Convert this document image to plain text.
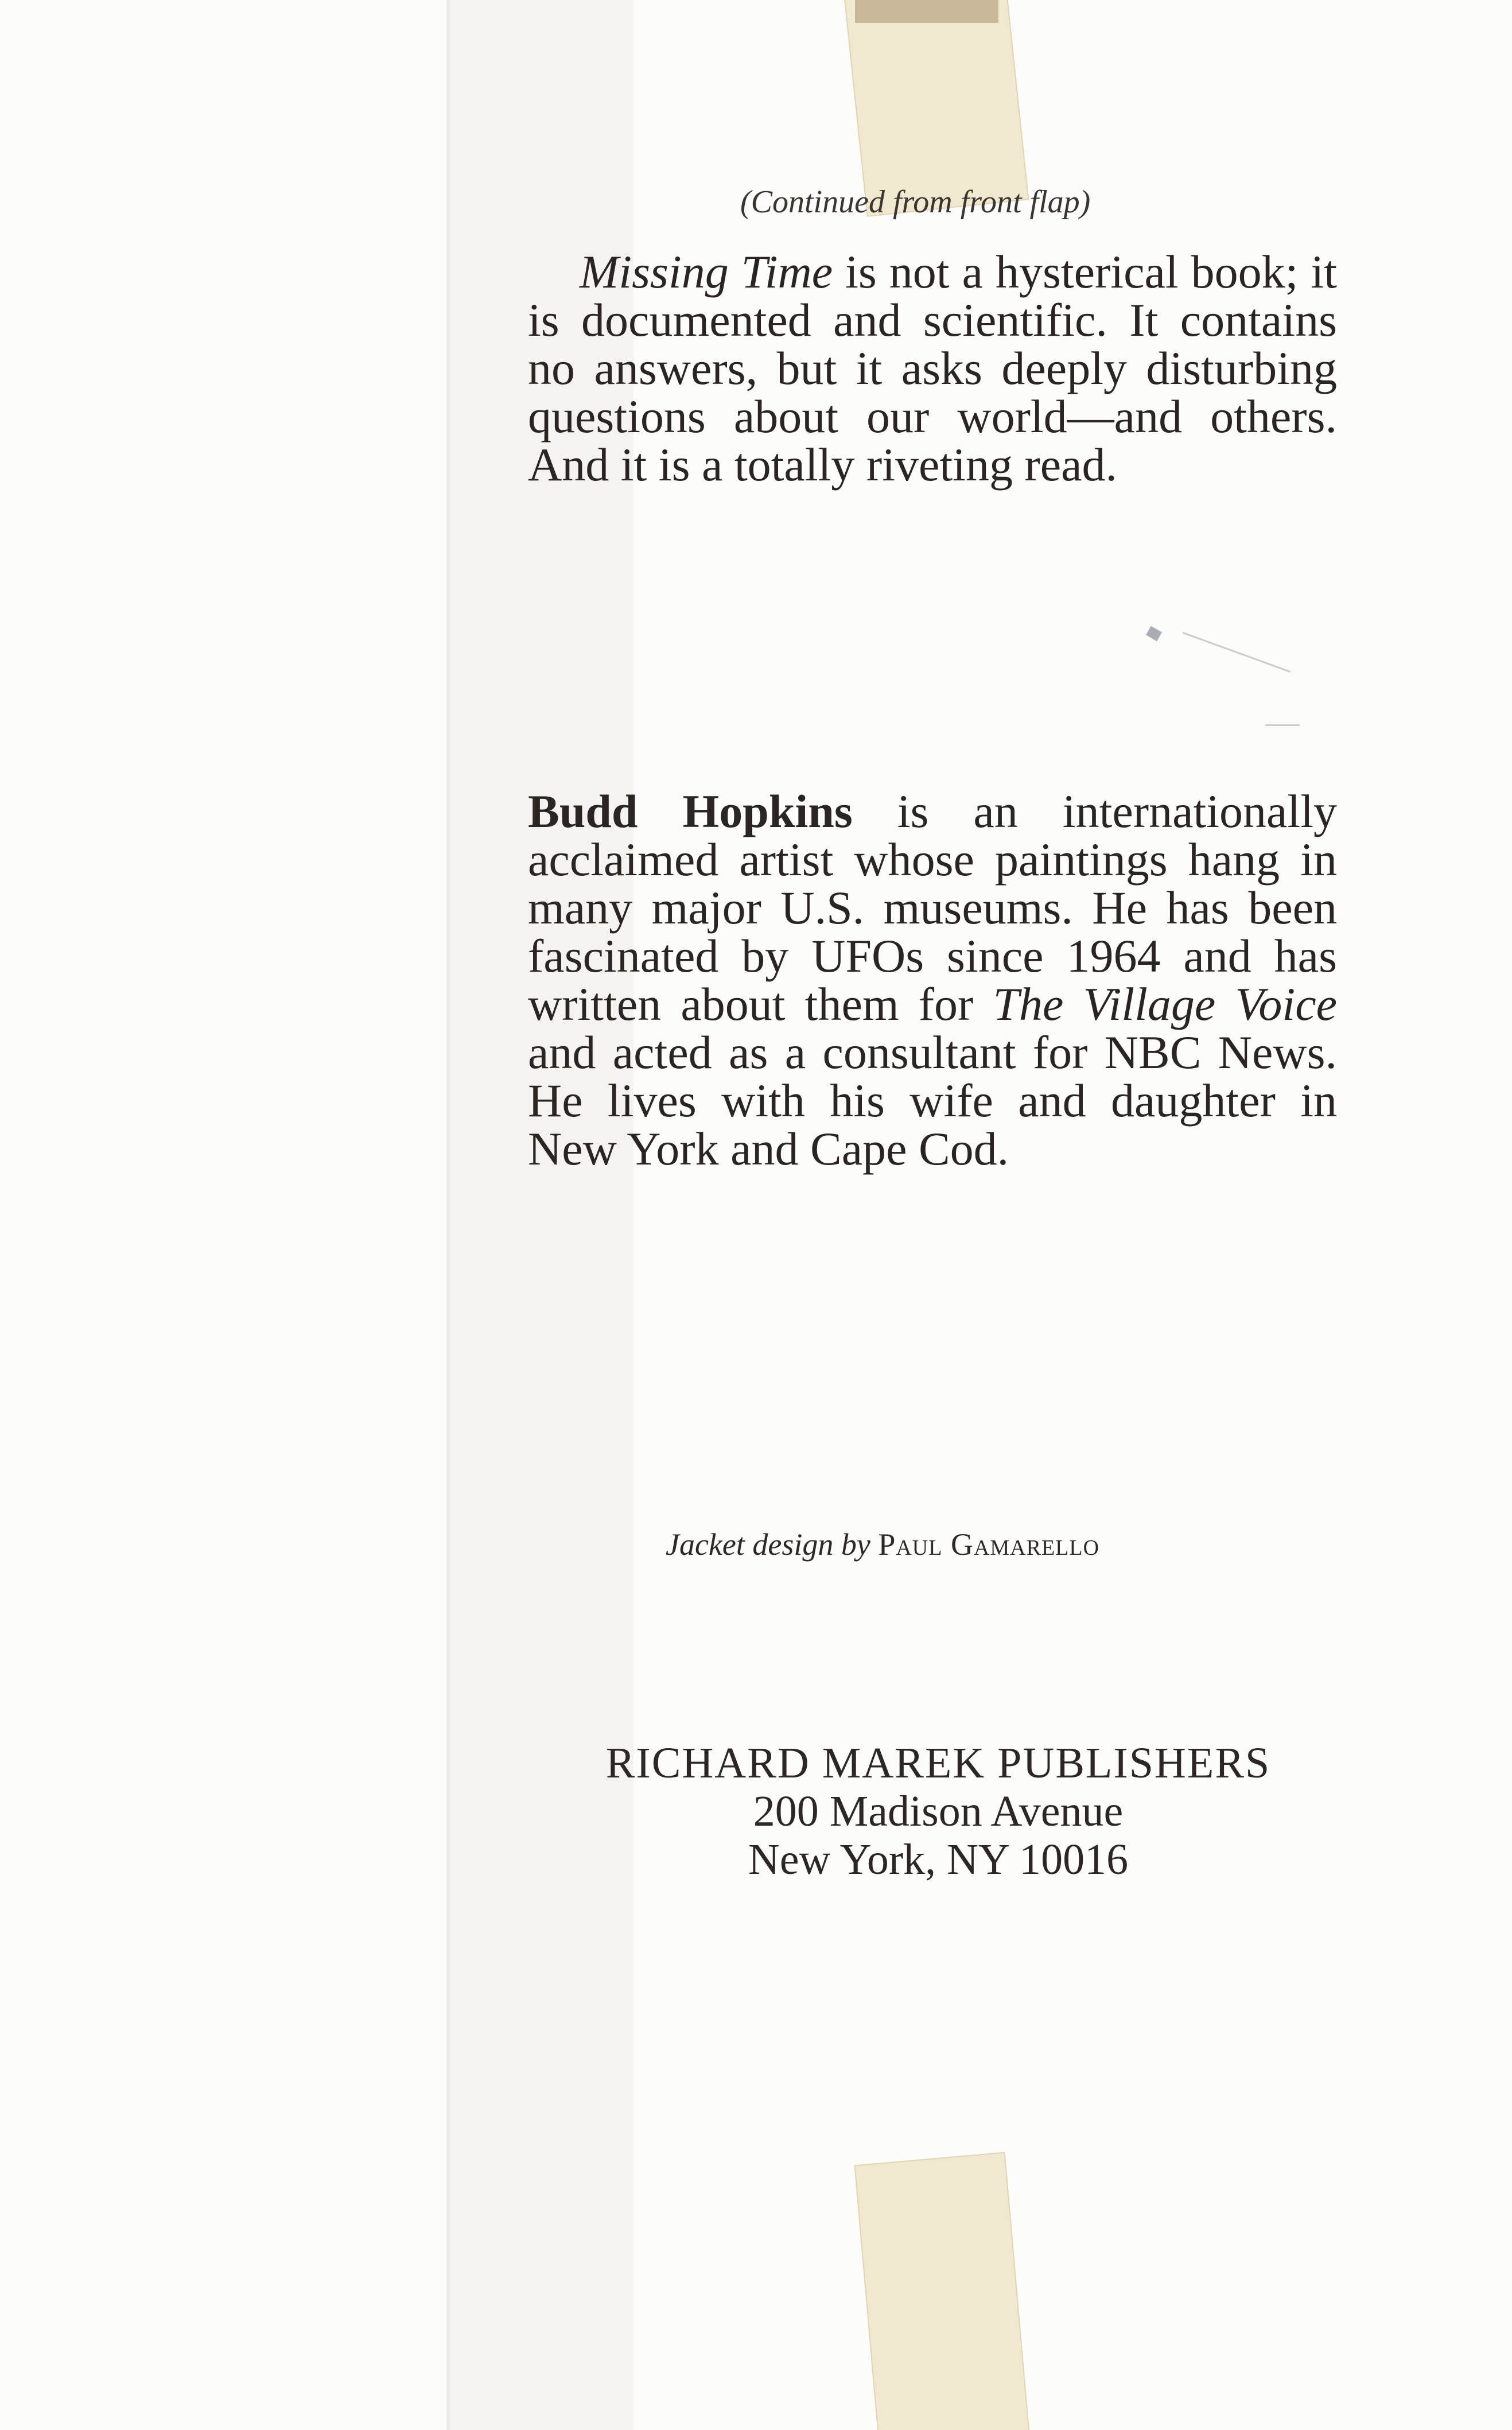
(Continued from front flap)
Missing Time is not a hysterical book; it is documented and scientific. It contains no answers, but it asks deeply disturbing questions about our world—and others. And it is a totally riveting read.
Budd Hopkins is an internationally acclaimed artist whose paintings hang in many major U.S. museums. He has been fascinated by UFOs since 1964 and has written about them for The Village Voice and acted as a consultant for NBC News. He lives with his wife and daughter in New York and Cape Cod.
Jacket design by Paul Gamarello
RICHARD MAREK PUBLISHERS
200 Madison Avenue
New York, NY 10016
